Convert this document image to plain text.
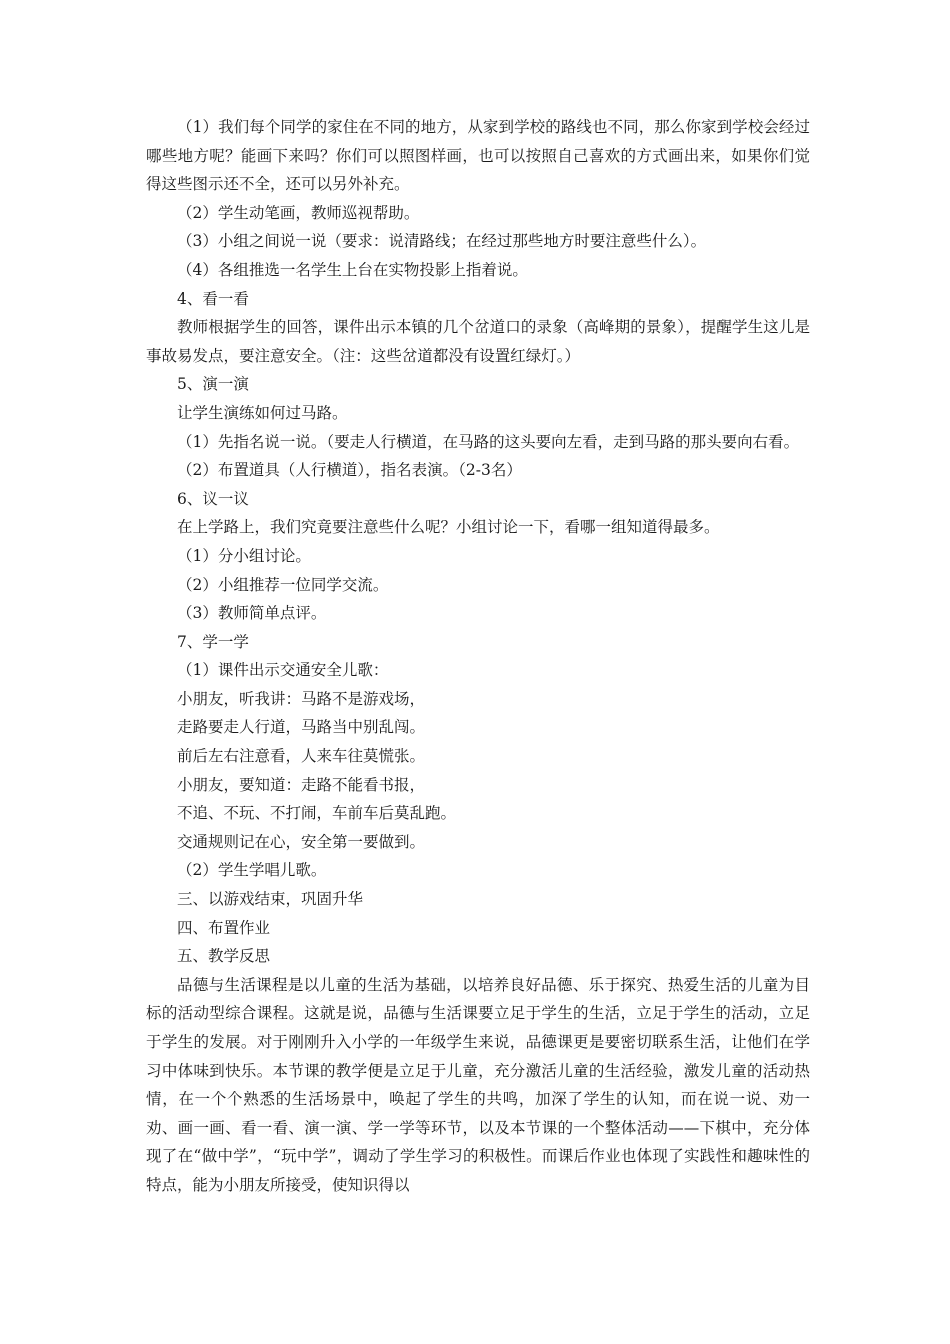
（1）我们每个同学的家住在不同的地方，从家到学校的路线也不同，那么你家到学校会经过哪些地方呢？能画下来吗？你们可以照图样画，也可以按照自己喜欢的方式画出来，如果你们觉得这些图示还不全，还可以另外补充。

（2）学生动笔画，教师巡视帮助。

（3）小组之间说一说（要求：说清路线；在经过那些地方时要注意些什么）。

（4）各组推选一名学生上台在实物投影上指着说。

4、看一看

教师根据学生的回答，课件出示本镇的几个岔道口的录象（高峰期的景象），提醒学生这儿是事故易发点，要注意安全。（注：这些岔道都没有设置红绿灯。）

5、演一演

让学生演练如何过马路。

（1）先指名说一说。（要走人行横道，在马路的这头要向左看，走到马路的那头要向右看。

（2）布置道具（人行横道），指名表演。（2-3名）

6、议一议

在上学路上，我们究竟要注意些什么呢？小组讨论一下，看哪一组知道得最多。

（1）分小组讨论。

（2）小组推荐一位同学交流。

（3）教师简单点评。

7、学一学

（1）课件出示交通安全儿歌：

小朋友，听我讲：马路不是游戏场，

走路要走人行道，马路当中别乱闯。

前后左右注意看，人来车往莫慌张。

小朋友，要知道：走路不能看书报，

不追、不玩、不打闹，车前车后莫乱跑。

交通规则记在心，安全第一要做到。

（2）学生学唱儿歌。

三、以游戏结束，巩固升华

四、布置作业

五、教学反思

品德与生活课程是以儿童的生活为基础，以培养良好品德、乐于探究、热爱生活的儿童为目标的活动型综合课程。这就是说，品德与生活课要立足于学生的生活，立足于学生的活动，立足于学生的发展。对于刚刚升入小学的一年级学生来说，品德课更是要密切联系生活，让他们在学习中体味到快乐。本节课的教学便是立足于儿童，充分激活儿童的生活经验，激发儿童的活动热情，在一个个熟悉的生活场景中，唤起了学生的共鸣，加深了学生的认知，而在说一说、劝一劝、画一画、看一看、演一演、学一学等环节，以及本节课的一个整体活动——下棋中，充分体现了在“做中学”，“玩中学”，调动了学生学习的积极性。而课后作业也体现了实践性和趣味性的特点，能为小朋友所接受，使知识得以
